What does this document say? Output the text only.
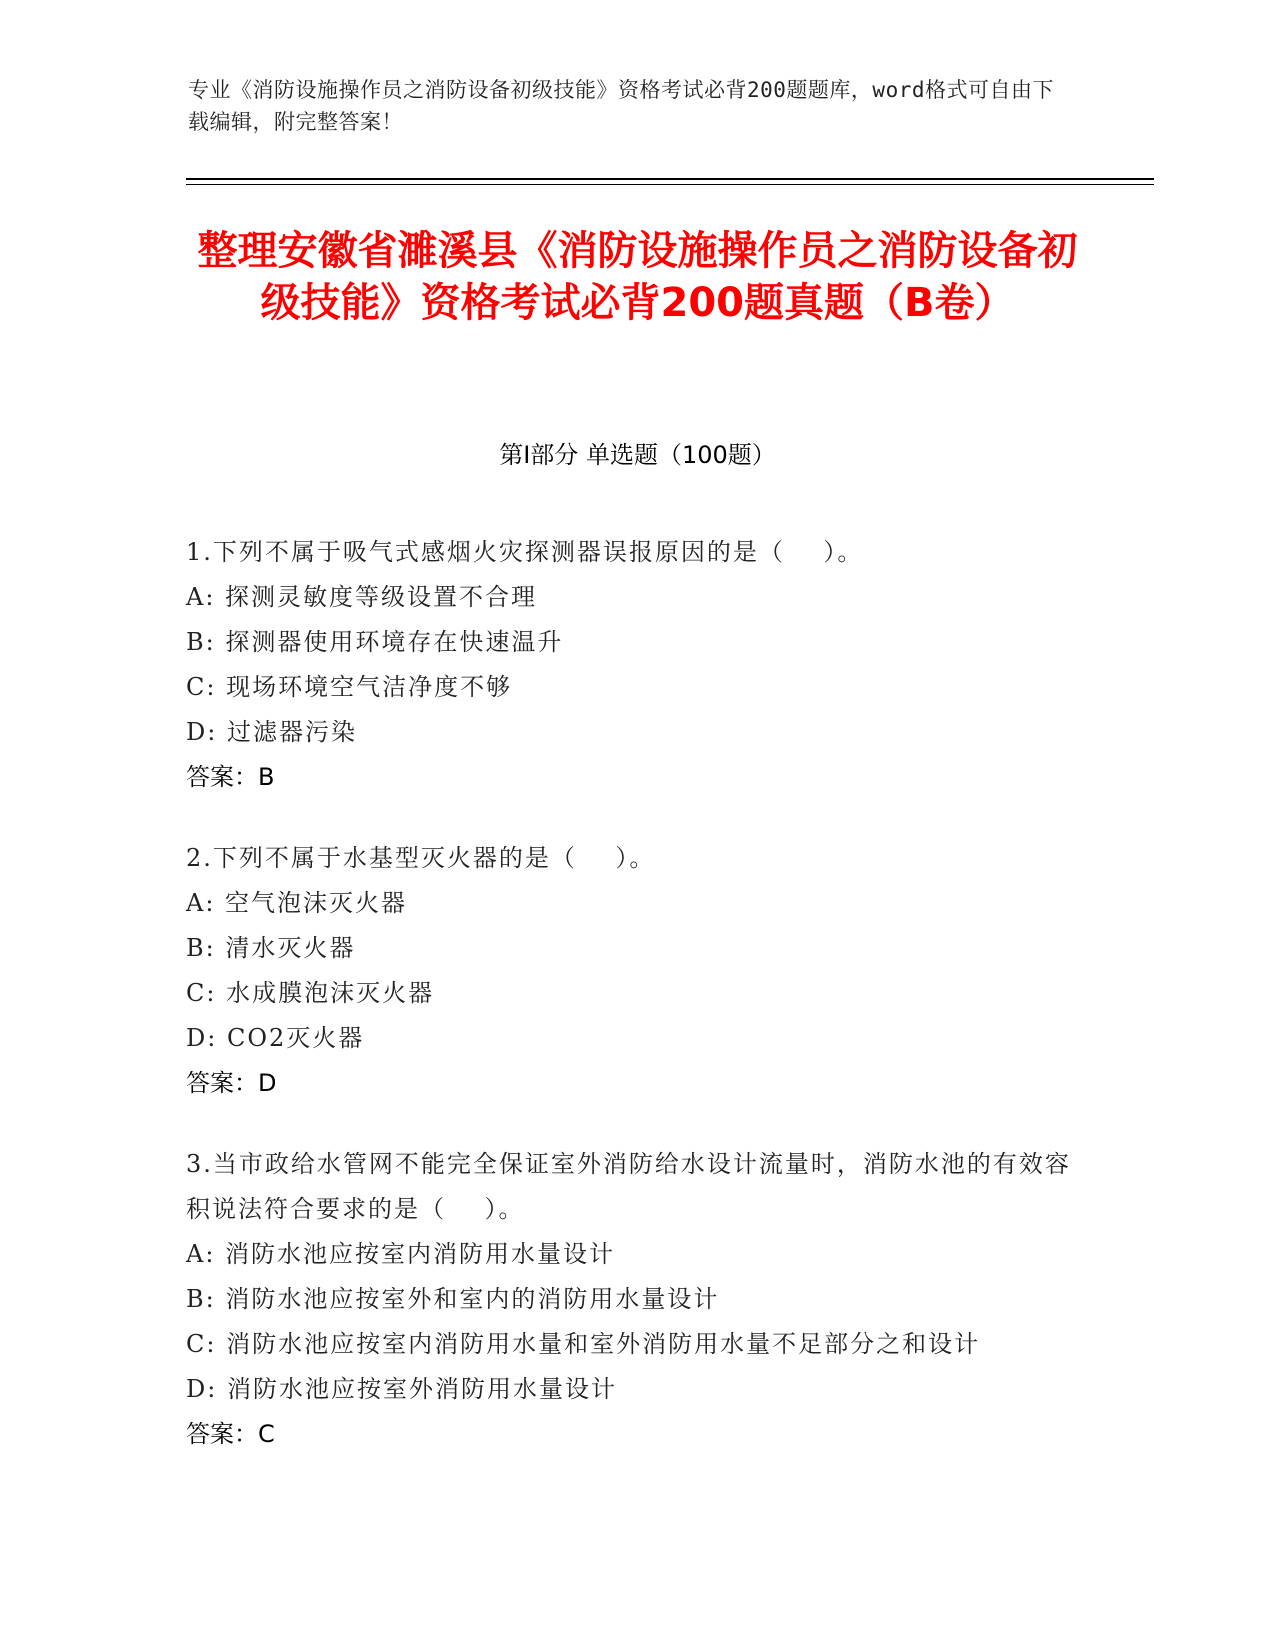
专业《消防设施操作员之消防设备初级技能》资格考试必背200题题库，word格式可自由下载编辑，附完整答案！
整理安徽省濉溪县《消防设施操作员之消防设备初级技能》资格考试必背200题真题（B卷）
第Ⅰ部分 单选题（100题）
1.下列不属于吸气式感烟火灾探测器误报原因的是（    ）。
A: 探测灵敏度等级设置不合理
B: 探测器使用环境存在快速温升
C: 现场环境空气洁净度不够
D: 过滤器污染
答案：B
2.下列不属于水基型灭火器的是（    ）。
A: 空气泡沫灭火器
B: 清水灭火器
C: 水成膜泡沫灭火器
D: CO2灭火器
答案：D
3.当市政给水管网不能完全保证室外消防给水设计流量时，消防水池的有效容积说法符合要求的是（    ）。
A: 消防水池应按室内消防用水量设计
B: 消防水池应按室外和室内的消防用水量设计
C: 消防水池应按室内消防用水量和室外消防用水量不足部分之和设计
D: 消防水池应按室外消防用水量设计
答案：C
